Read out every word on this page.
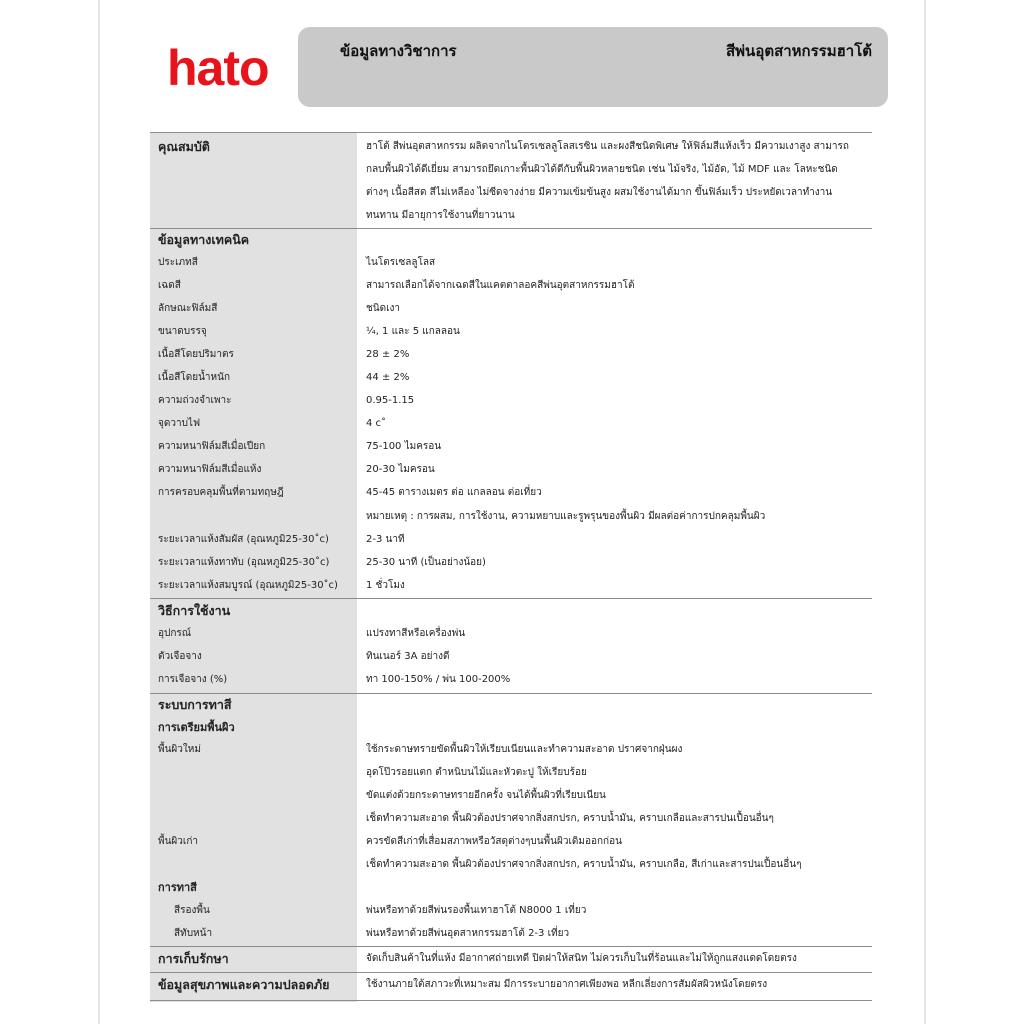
hato	ข้อมูลทางวิชาการ	สีพ่นอุตสาหกรรมฮาโต้
คุณสมบัติ	ฮาโต้ สีพ่นอุตสาหกรรม ผลิตจากไนโตรเซลลูโลสเรซิน และผงสีชนิดพิเศษ ให้ฟิล์มสีแห้งเร็ว มีความเงาสูง สามารถ
กลบพื้นผิวได้ดีเยี่ยม สามารถยึดเกาะพื้นผิวได้ดีกับพื้นผิวหลายชนิด เช่น ไม้จริง, ไม้อัด, ไม้ MDF และ โลหะชนิด
ต่างๆ เนื้อสีสด สีไม่เหลือง ไม่ซีดจางง่าย มีความเข้มข้นสูง ผสมใช้งานได้มาก ขึ้นฟิล์มเร็ว ประหยัดเวลาทำงาน
ทนทาน มีอายุการใช้งานที่ยาวนาน
ข้อมูลทางเทคนิค
ประเภทสี	ไนโตรเซลลูโลส
เฉดสี	สามารถเลือกได้จากเฉดสีในแคตตาลอคสีพ่นอุตสาหกรรมฮาโต้
ลักษณะฟิล์มสี	ชนิดเงา
ขนาดบรรจุ	¼, 1 และ 5 แกลลอน
เนื้อสีโดยปริมาตร	28 ± 2%
เนื้อสีโดยน้ำหนัก	44 ± 2%
ความถ่วงจำเพาะ	0.95-1.15
จุดวาบไฟ	4 c˚
ความหนาฟิล์มสีเมื่อเปียก	75-100 ไมครอน
ความหนาฟิล์มสีเมื่อแห้ง	20-30 ไมครอน
การครอบคลุมพื้นที่ตามทฤษฎี	45-45 ตารางเมตร ต่อ แกลลอน ต่อเที่ยว
หมายเหตุ : การผสม, การใช้งาน, ความหยาบและรูพรุนของพื้นผิว มีผลต่อค่าการปกคลุมพื้นผิว
ระยะเวลาแห้งสัมผัส (อุณหภูมิ25-30˚c)	2-3 นาที
ระยะเวลาแห้งทาทับ (อุณหภูมิ25-30˚c)	25-30 นาที (เป็นอย่างน้อย)
ระยะเวลาแห้งสมบูรณ์ (อุณหภูมิ25-30˚c)	1 ชั่วโมง
วิธีการใช้งาน
อุปกรณ์	แปรงทาสีหรือเครื่องพ่น
ตัวเจือจาง	ทินเนอร์ 3A อย่างดี
การเจือจาง (%)	ทา 100-150% / พ่น 100-200%
ระบบการทาสี
การเตรียมพื้นผิว
พื้นผิวใหม่	ใช้กระดาษทรายขัดพื้นผิวให้เรียบเนียนและทำความสะอาด ปราศจากฝุ่นผง
อุดโป๊วรอยแตก ตำหนิบนไม้และหัวตะปู ให้เรียบร้อย
ขัดแต่งด้วยกระดาษทรายอีกครั้ง จนได้พื้นผิวที่เรียบเนียน
เช็ดทำความสะอาด พื้นผิวต้องปราศจากสิ่งสกปรก, คราบน้ำมัน, คราบเกลือและสารปนเปื้อนอื่นๆ
พื้นผิวเก่า	ควรขัดสีเก่าที่เสื่อมสภาพหรือวัสดุต่างๆบนพื้นผิวเดิมออกก่อน
เช็ดทำความสะอาด พื้นผิวต้องปราศจากสิ่งสกปรก, คราบน้ำมัน, คราบเกลือ, สีเก่าและสารปนเปื้อนอื่นๆ
การทาสี
สีรองพื้น	พ่นหรือทาด้วยสีพ่นรองพื้นเทาฮาโต้ N8000 1 เที่ยว
สีทับหน้า	พ่นหรือทาด้วยสีพ่นอุตสาหกรรมฮาโต้ 2-3 เที่ยว
การเก็บรักษา	จัดเก็บสินค้าในที่แห้ง มีอากาศถ่ายเทดี ปิดฝาให้สนิท ไม่ควรเก็บในที่ร้อนและไม่ให้ถูกแสงแดดโดยตรง
ข้อมูลสุขภาพและความปลอดภัย	ใช้งานภายใต้สภาวะที่เหมาะสม มีการระบายอากาศเพียงพอ หลีกเลี่ยงการสัมผัสผิวหนังโดยตรง
